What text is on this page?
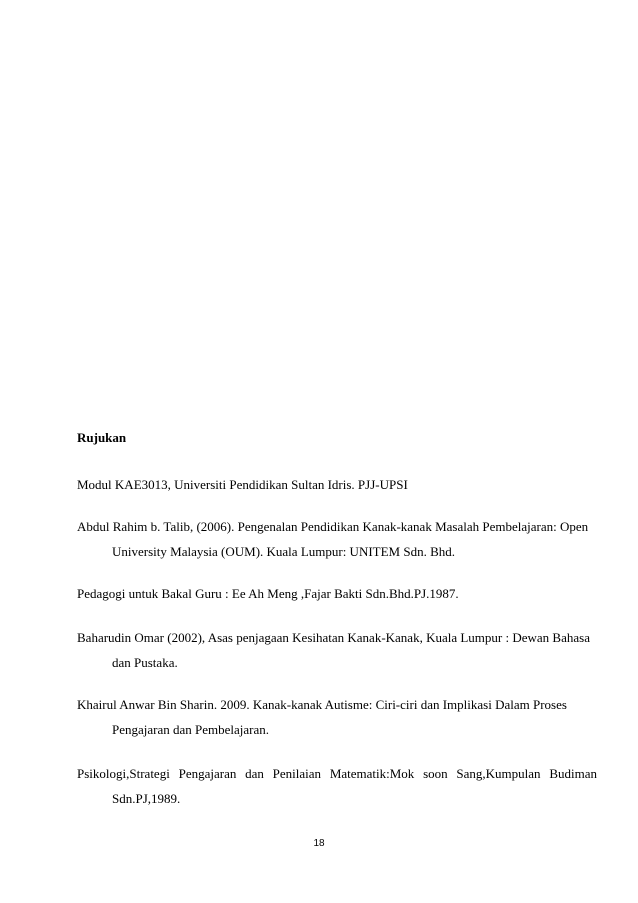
Rujukan

Modul KAE3013, Universiti Pendidikan Sultan Idris. PJJ-UPSI

Abdul Rahim b. Talib, (2006). Pengenalan Pendidikan Kanak-kanak Masalah Pembelajaran: Open University Malaysia (OUM). Kuala Lumpur: UNITEM Sdn. Bhd.

Pedagogi untuk Bakal Guru : Ee Ah Meng ,Fajar Bakti Sdn.Bhd.PJ.1987.

Baharudin Omar (2002), Asas penjagaan Kesihatan Kanak-Kanak, Kuala Lumpur : Dewan Bahasa dan Pustaka.

Khairul Anwar Bin Sharin. 2009. Kanak-kanak Autisme: Ciri-ciri dan Implikasi Dalam Proses Pengajaran dan Pembelajaran.

Psikologi,Strategi Pengajaran dan Penilaian Matematik:Mok soon Sang,Kumpulan Budiman Sdn.PJ,1989.

18
